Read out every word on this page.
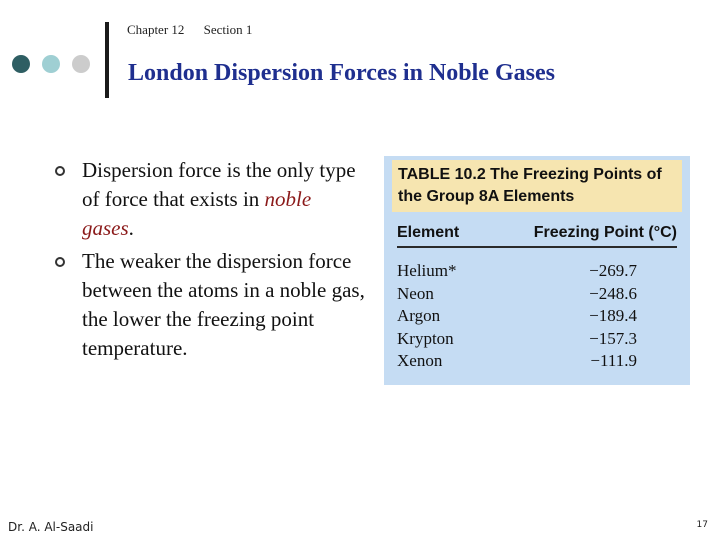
Chapter 12 Section 1
London Dispersion Forces in Noble Gases
Dispersion force is the only type of force that exists in noble gases.
The weaker the dispersion force between the atoms in a noble gas, the lower the freezing point temperature.
TABLE 10.2 The Freezing Points of the Group 8A Elements
Element	Freezing Point (°C)
Helium*	−269.7
Neon	−248.6
Argon	−189.4
Krypton	−157.3
Xenon	−111.9
Dr. A. Al-Saadi	17
